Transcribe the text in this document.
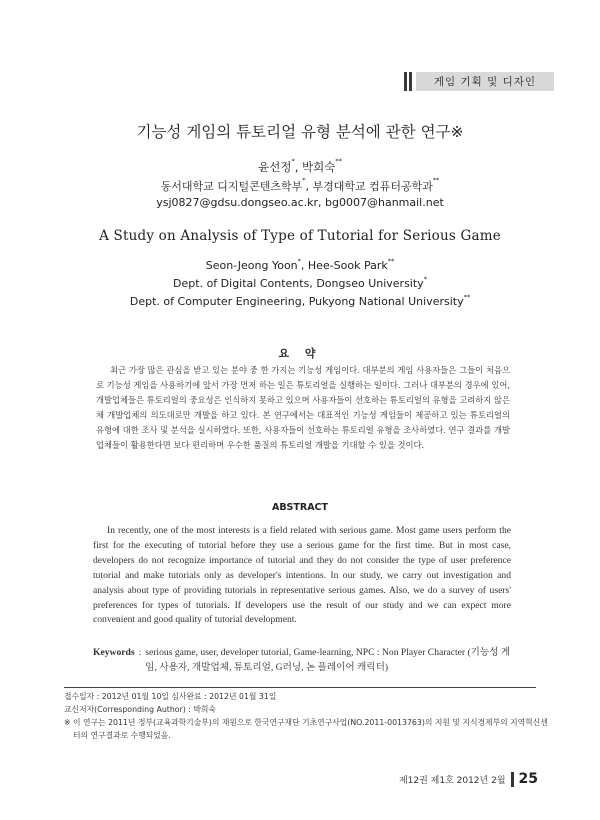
게임 기획 및 디자인
기능성 게임의 튜토리얼 유형 분석에 관한 연구※
윤선정*, 박희숙**
동서대학교 디지털콘텐츠학부*, 부경대학교 컴퓨터공학과**
ysj0827@gdsu.dongseo.ac.kr, bg0007@hanmail.net
A Study on Analysis of Type of Tutorial for Serious Game
Seon-Jeong Yoon*, Hee-Sook Park**
Dept. of Digital Contents, Dongseo University*
Dept. of Computer Engineering, Pukyong National University**
요 약
최근 가장 많은 관심을 받고 있는 분야 중 한 가지는 기능성 게임이다. 대부분의 게임 사용자들은 그들이 처음으로 기능성 게임을 사용하기에 앞서 가장 먼저 하는 일은 튜토리얼을 실행하는 일이다. 그러나 대부분의 경우에 있어, 개발업체들은 튜토리얼의 중요성은 인식하지 못하고 있으며 사용자들이 선호하는 튜토리얼의 유형을 고려하지 않은 채 개발업체의 의도대로만 개발을 하고 있다. 본 연구에서는 대표적인 기능성 게임들이 제공하고 있는 튜토리얼의 유형에 대한 조사 및 분석을 실시하였다. 또한, 사용자들이 선호하는 튜토리얼 유형을 조사하였다. 연구 결과를 개발업체들이 활용한다면 보다 편리하며 우수한 품질의 튜토리얼 개발을 기대할 수 있을 것이다.
ABSTRACT
In recently, one of the most interests is a field related with serious game. Most game users perform the first for the executing of tutorial before they use a serious game for the first time. But in most case, developers do not recognize importance of tutorial and they do not consider the type of user preference tutorial and make tutorials only as developer's intentions. In our study, we carry out investigation and analysis about type of providing tutorials in representative serious games. Also, we do a survey of users' preferences for types of tutorials. If developers use the result of our study and we can expect more convenient and good quality of tutorial development.
Keywords : serious game, user, developer tutorial, Game-learning, NPC : Non Player Character (기능성 게임, 사용자, 개발업체, 튜토리얼, G러닝, 논 플레이어 캐릭터)
접수일자 : 2012년 01월 10일 심사완료 : 2012년 01월 31일
교신저자(Corresponding Author) : 박희숙
※ 이 연구는 2011년 정부(교육과학기술부)의 재원으로 한국연구재단 기초연구사업(NO.2011-0013763)의 지원 및 지식경제부의 지역혁신센터의 연구결과로 수행되었음.
제12권 제1호 2012년 2월 25
